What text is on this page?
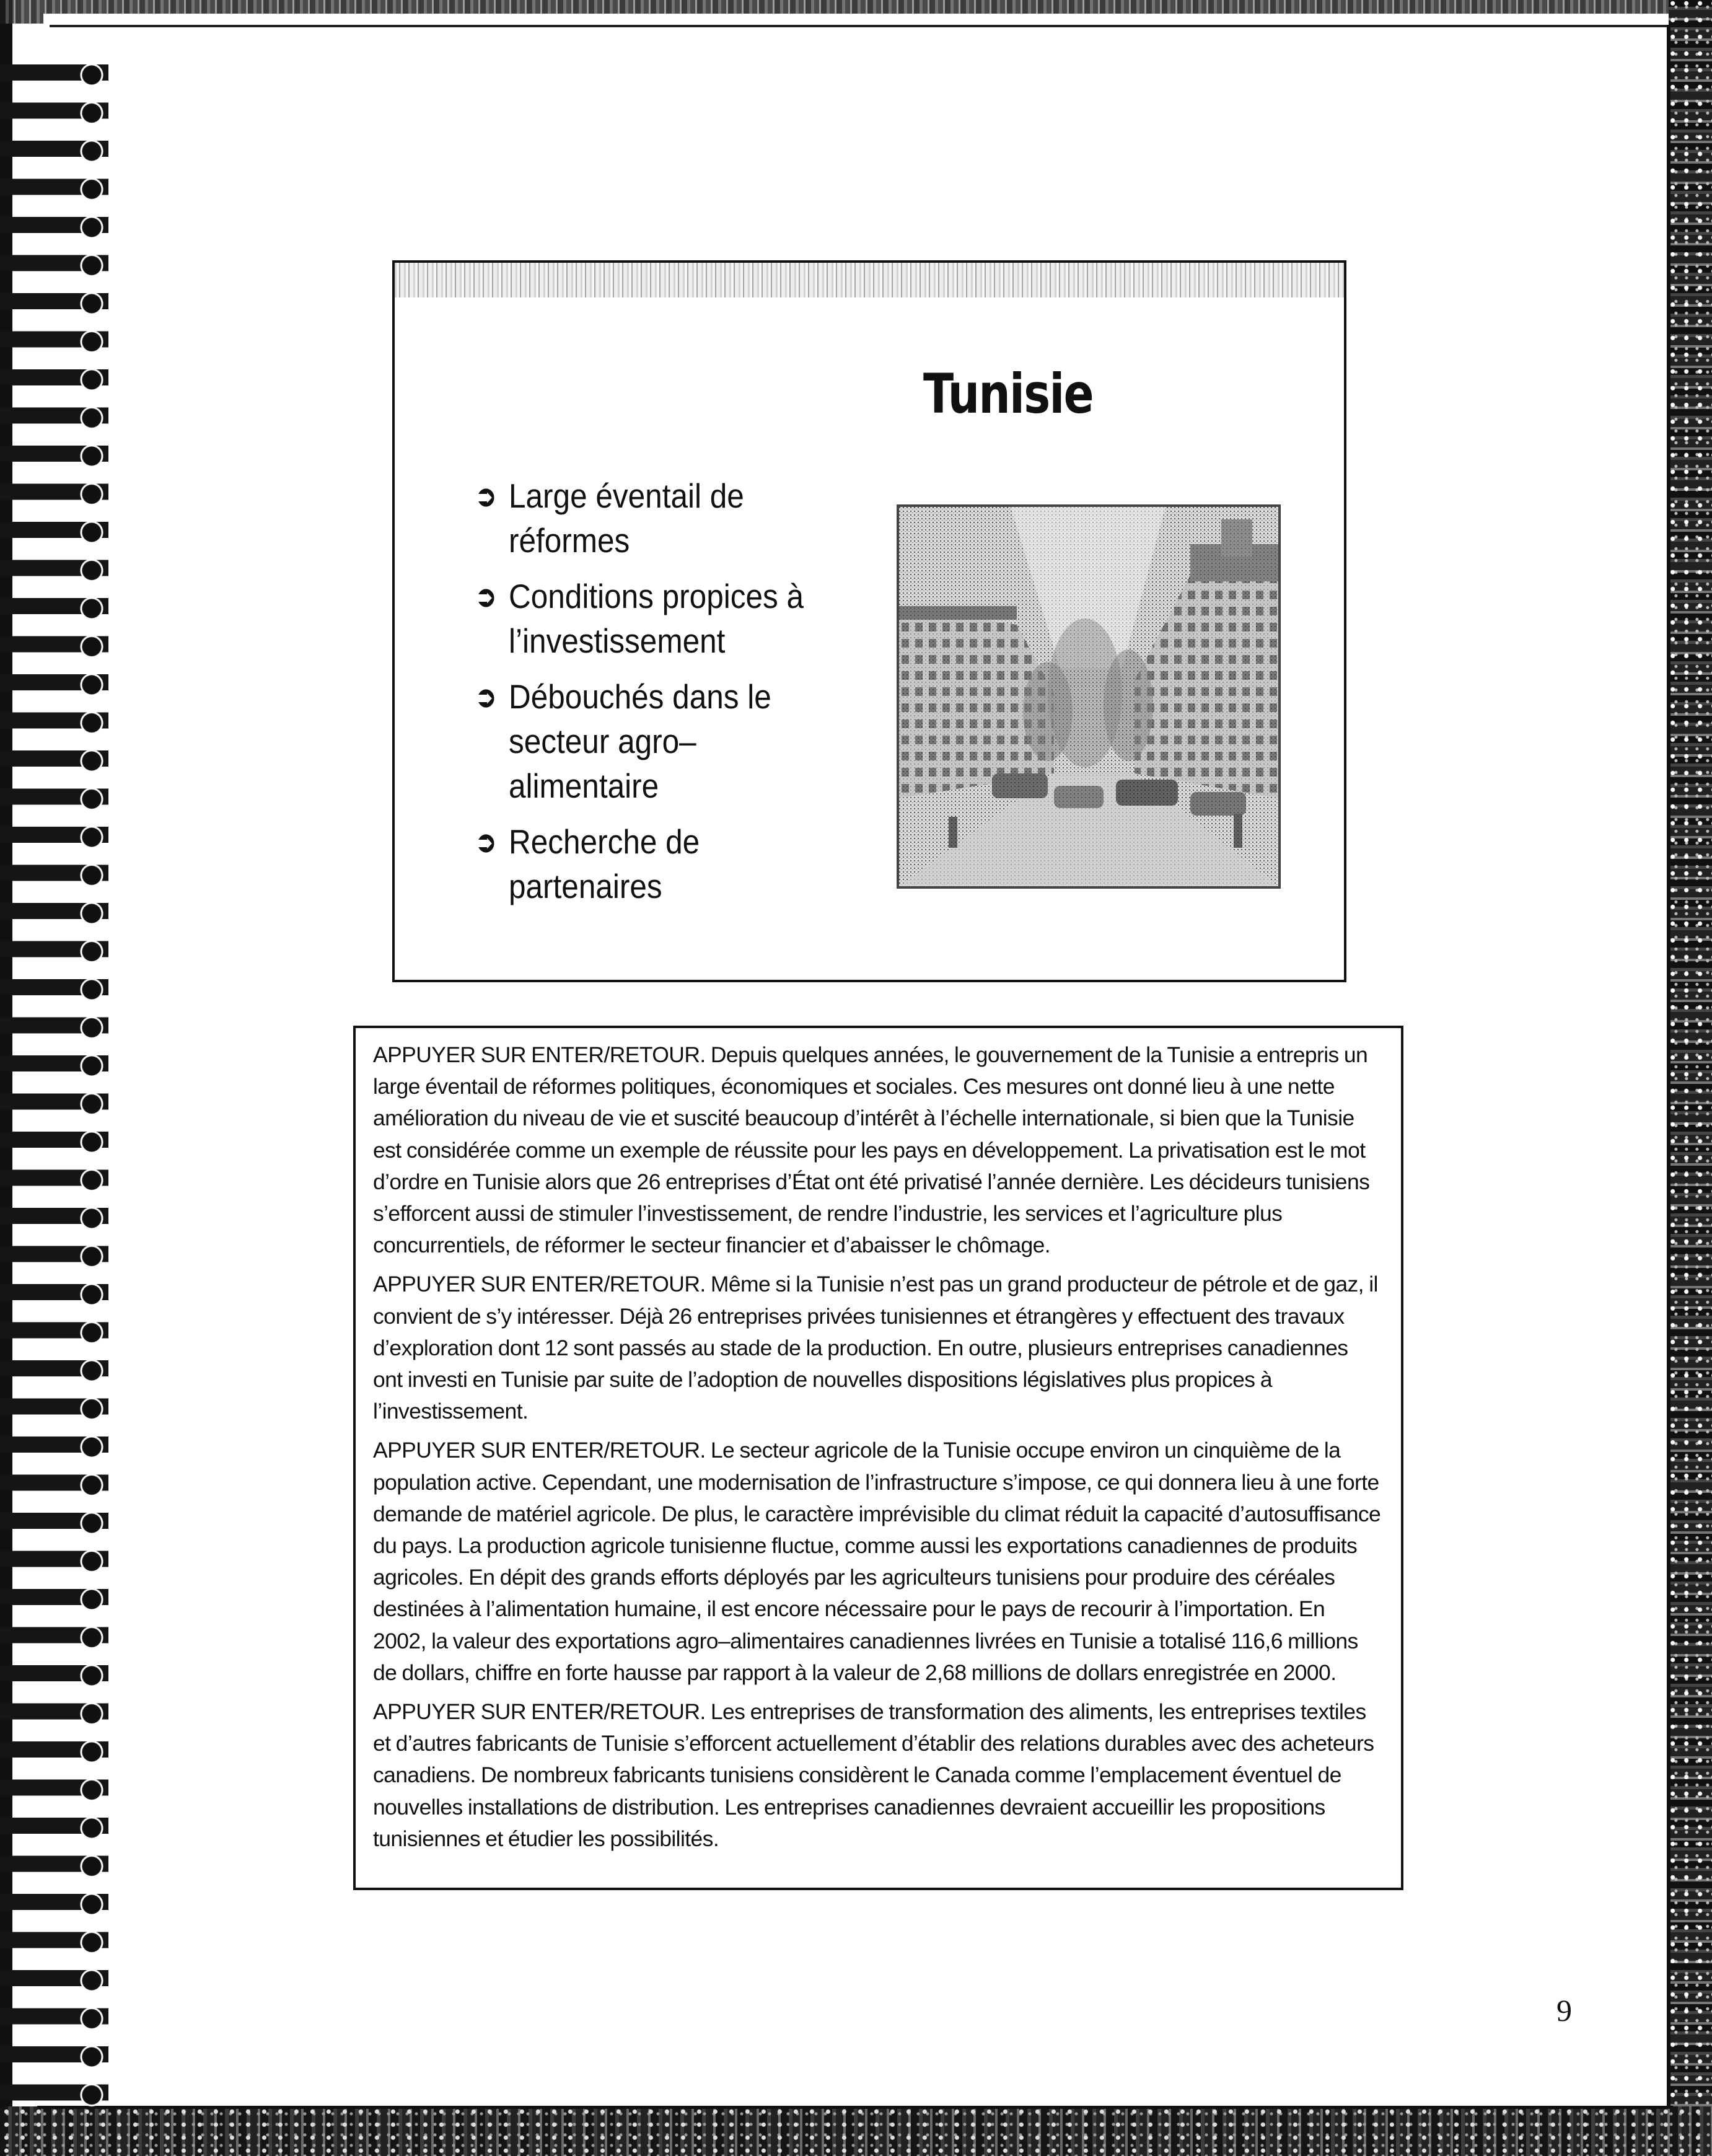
Tunisie
➲ Large éventail de réformes
➲ Conditions propices à l’investissement
➲ Débouchés dans le secteur agro–alimentaire
➲ Recherche de partenaires

APPUYER SUR ENTER/RETOUR. Depuis quelques années, le gouvernement de la Tunisie a entrepris un large éventail de réformes politiques, économiques et sociales. Ces mesures ont donné lieu à une nette amélioration du niveau de vie et suscité beaucoup d’intérêt à l’échelle internationale, si bien que la Tunisie est considérée comme un exemple de réussite pour les pays en développement. La privatisation est le mot d’ordre en Tunisie alors que 26 entreprises d’État ont été privatisé l’année dernière. Les décideurs tunisiens s’efforcent aussi de stimuler l’investissement, de rendre l’industrie, les services et l’agriculture plus concurrentiels, de réformer le secteur financier et d’abaisser le chômage.

APPUYER SUR ENTER/RETOUR. Même si la Tunisie n’est pas un grand producteur de pétrole et de gaz, il convient de s’y intéresser. Déjà 26 entreprises privées tunisiennes et étrangères y effectuent des travaux d’exploration dont 12 sont passés au stade de la production. En outre, plusieurs entreprises canadiennes ont investi en Tunisie par suite de l’adoption de nouvelles dispositions législatives plus propices à l’investissement.

APPUYER SUR ENTER/RETOUR. Le secteur agricole de la Tunisie occupe environ un cinquième de la population active. Cependant, une modernisation de l’infrastructure s’impose, ce qui donnera lieu à une forte demande de matériel agricole. De plus, le caractère imprévisible du climat réduit la capacité d’autosuffisance du pays. La production agricole tunisienne fluctue, comme aussi les exportations canadiennes de produits agricoles. En dépit des grands efforts déployés par les agriculteurs tunisiens pour produire des céréales destinées à l’alimentation humaine, il est encore nécessaire pour le pays de recourir à l’importation. En 2002, la valeur des exportations agro–alimentaires canadiennes livrées en Tunisie a totalisé 116,6 millions de dollars, chiffre en forte hausse par rapport à la valeur de 2,68 millions de dollars enregistrée en 2000.

APPUYER SUR ENTER/RETOUR. Les entreprises de transformation des aliments, les entreprises textiles et d’autres fabricants de Tunisie s’efforcent actuellement d’établir des relations durables avec des acheteurs canadiens. De nombreux fabricants tunisiens considèrent le Canada comme l’emplacement éventuel de nouvelles installations de distribution. Les entreprises canadiennes devraient accueillir les propositions tunisiennes et étudier les possibilités.

9
